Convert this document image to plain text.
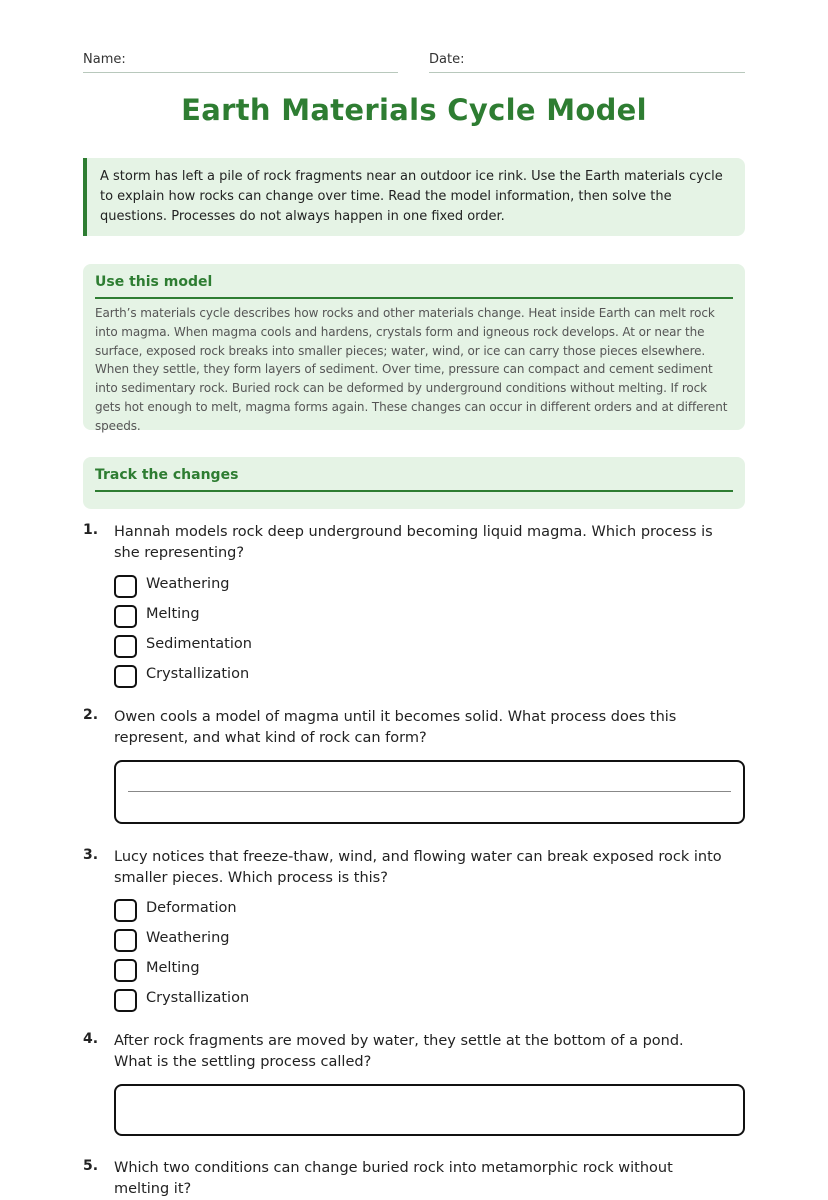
Name:	Date:
Earth Materials Cycle Model
A storm has left a pile of rock fragments near an outdoor ice rink. Use the Earth materials cycle to explain how rocks can change over time. Read the model information, then solve the questions. Processes do not always happen in one fixed order.
Use this model
Earth’s materials cycle describes how rocks and other materials change. Heat inside Earth can melt rock into magma. When magma cools and hardens, crystals form and igneous rock develops. At or near the surface, exposed rock breaks into smaller pieces; water, wind, or ice can carry those pieces elsewhere. When they settle, they form layers of sediment. Over time, pressure can compact and cement sediment into sedimentary rock. Buried rock can be deformed by underground conditions without melting. If rock gets hot enough to melt, magma forms again. These changes can occur in different orders and at different speeds.
Track the changes
1. Hannah models rock deep underground becoming liquid magma. Which process is she representing?
Weathering
Melting
Sedimentation
Crystallization
2. Owen cools a model of magma until it becomes solid. What process does this represent, and what kind of rock can form?
3. Lucy notices that freeze-thaw, wind, and flowing water can break exposed rock into smaller pieces. Which process is this?
Deformation
Weathering
Melting
Crystallization
4. After rock fragments are moved by water, they settle at the bottom of a pond. What is the settling process called?
5. Which two conditions can change buried rock into metamorphic rock without melting it?
